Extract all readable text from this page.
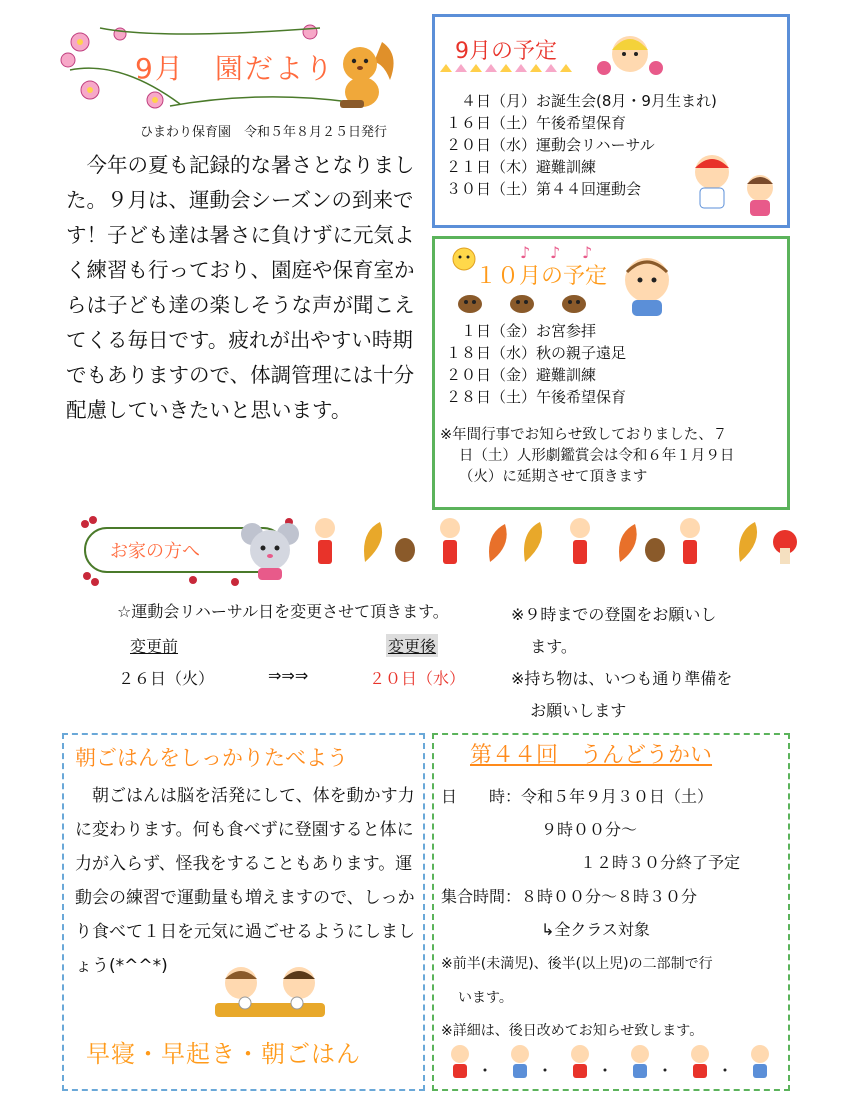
9月　園だより
ひまわり保育園　令和５年８月２５日発行

今年の夏も記録的な暑さとなりました。９月は、運動会シーズンの到来です！子ども達は暑さに負けずに元気よく練習も行っており、園庭や保育室からは子ども達の楽しそうな声が聞こえてくる毎日です。疲れが出やすい時期でもありますので、体調管理には十分配慮していきたいと思います。

9月の予定
４日（月）お誕生会(8月・9月生まれ)
１６日（土）午後希望保育
２０日（水）運動会リハーサル
２１日（木）避難訓練
３０日（土）第４４回運動会
♪ ♪ ♪
１０月の予定
１日（金）お宮参拝
１８日（水）秋の親子遠足
２０日（金）避難訓練
２８日（土）午後希望保育
※年間行事でお知らせ致しておりました、７
日（土）人形劇鑑賞会は令和６年１月９日
（火）に延期させて頂きます
お家の方へ
☆運動会リハーサル日を変更させて頂きます。
変更前	変更後
２６日（火）	⇒⇒⇒	２０日（水）
※９時までの登園をお願いし
ます。
※持ち物は、いつも通り準備を
お願いします
朝ごはんをしっかりたべよう

朝ごはんは脳を活発にして、体を動かす力に変わります。何も食べずに登園すると体に力が入らず、怪我をすることもあります。運動会の練習で運動量も増えますので、しっかり食べて１日を元気に過ごせるようにしましょう(*^^*)

早寝・早起き・朝ごはん
第４４回　うんどうかい
日　　時：令和５年９月３０日（土）
９時００分～
１２時３０分終了予定
集合時間：８時００分～８時３０分
↳全クラス対象
※前半(未満児)、後半(以上児)の二部制で行
います。
※詳細は、後日改めてお知らせ致します。
